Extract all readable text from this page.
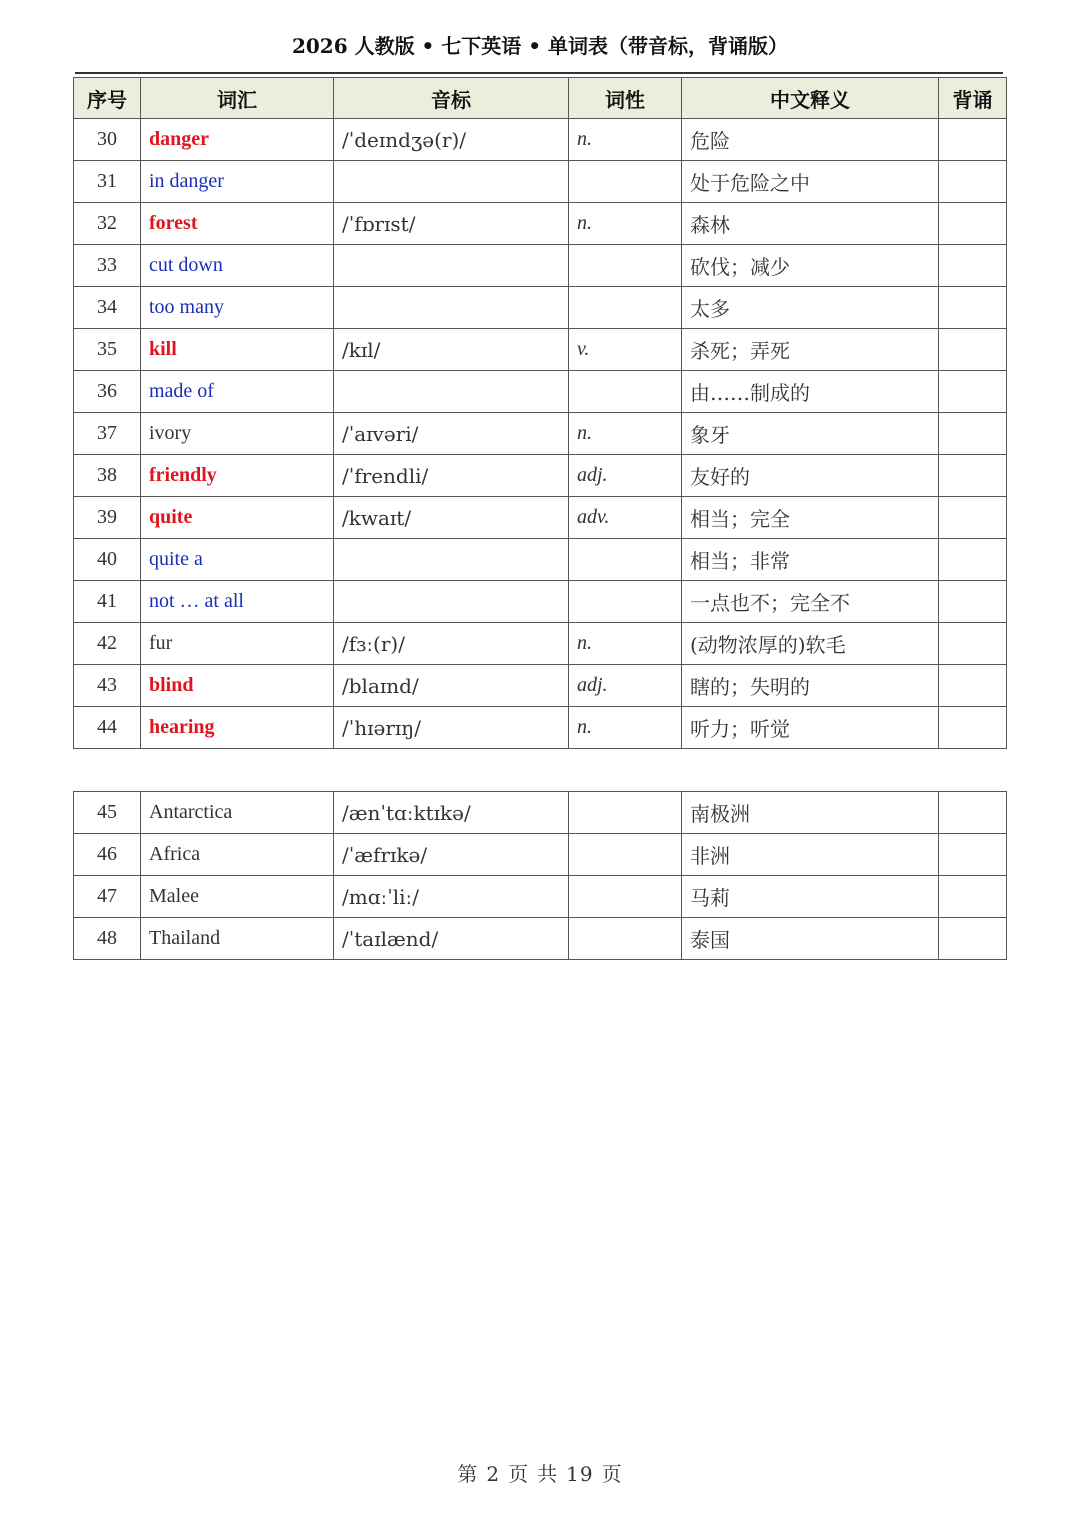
2026 人教版 • 七下英语 • 单词表（带音标，背诵版）
序号	词汇	音标	词性	中文释义	背诵
30	danger	/ˈdeɪndʒə(r)/	n.	危险	
31	in danger			处于危险之中	
32	forest	/ˈfɒrɪst/	n.	森林	
33	cut down			砍伐；减少	
34	too many			太多	
35	kill	/kɪl/	v.	杀死；弄死	
36	made of			由……制成的	
37	ivory	/ˈaɪvəri/	n.	象牙	
38	friendly	/ˈfrendli/	adj.	友好的	
39	quite	/kwaɪt/	adv.	相当；完全	
40	quite a			相当；非常	
41	not … at all			一点也不；完全不	
42	fur	/fɜː(r)/	n.	(动物浓厚的)软毛	
43	blind	/blaɪnd/	adj.	瞎的；失明的	
44	hearing	/ˈhɪərɪŋ/	n.	听力；听觉	
45	Antarctica	/ænˈtɑːktɪkə/		南极洲	
46	Africa	/ˈæfrɪkə/		非洲	
47	Malee	/mɑːˈliː/		马莉	
48	Thailand	/ˈtaɪlænd/		泰国	
第 2 页 共 19 页
